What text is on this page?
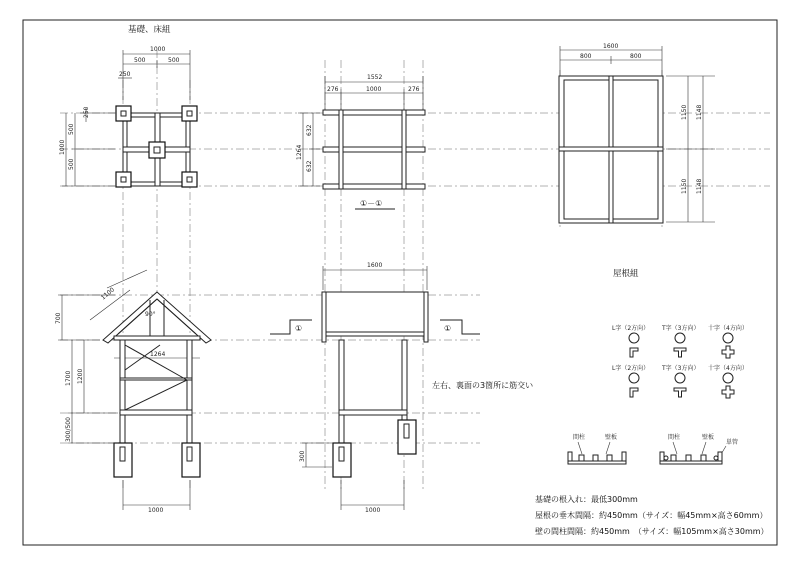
基礎、床組
1000
500	500
250
250
1000
500
500
1552
276	1000	276
1264
632
632
①－①
1600
800	800
1150 1148
1150 1148
屋根組
90°
1100
1264
700
1700 1200
300/500
1000
1600
300
1000
①	①
左右、裏面の3箇所に筋交い
L字（2方向） T字（3方向） 十字（4方向）
L字（2方向） T字（3方向） 十字（4方向）
間柱	壁板	間柱	壁板
単管
基礎の根入れ：最低300mm
屋根の垂木間隔：約450mm（サイズ：幅45mm×高さ60mm）
壁の間柱間隔：約450mm　（サイズ：幅105mm×高さ30mm）
